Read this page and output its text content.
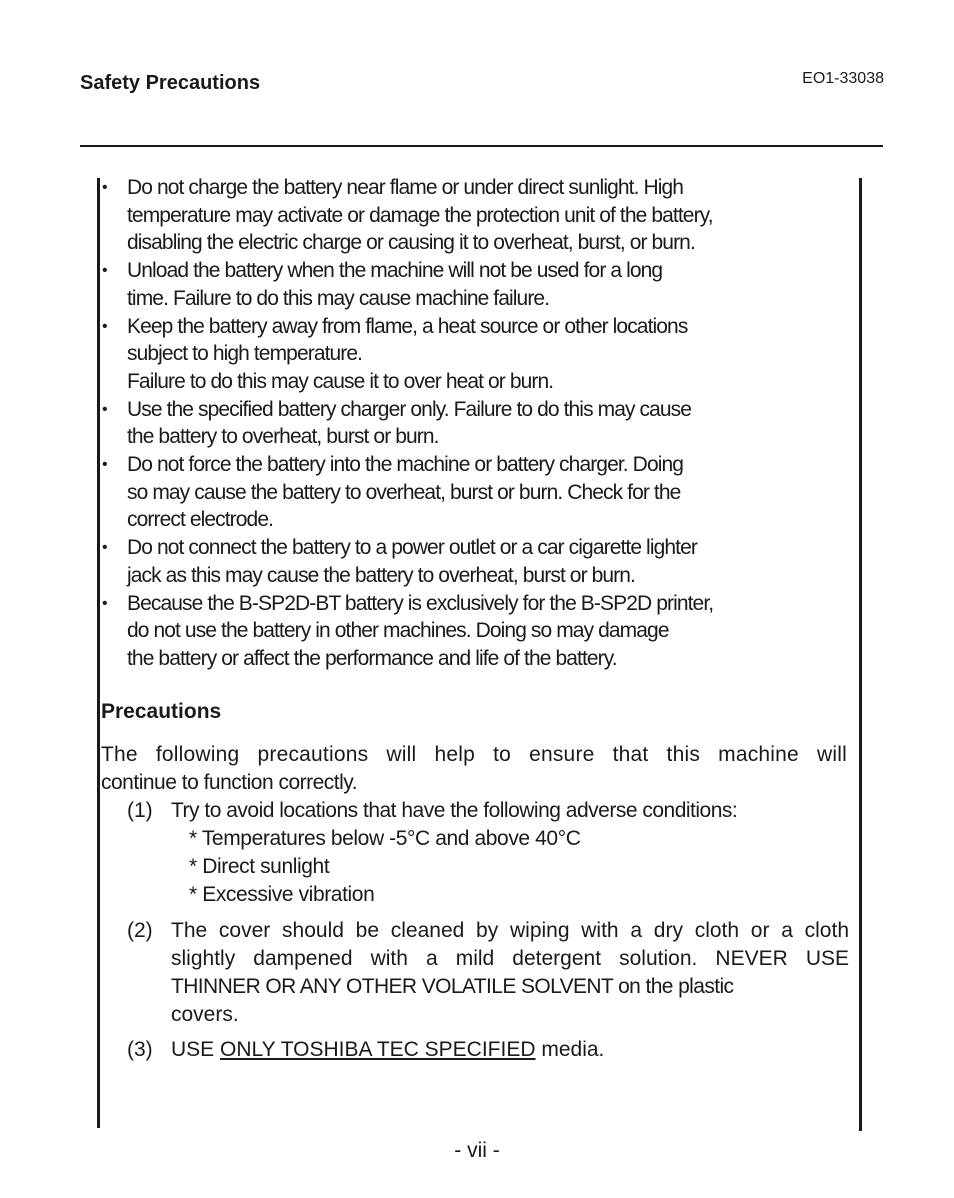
Safety Precautions	EO1-33038
• Do not charge the battery near flame or under direct sunlight. High
temperature may activate or damage the protection unit of the battery,
disabling the electric charge or causing it to overheat, burst, or burn.
• Unload the battery when the machine will not be used for a long
time. Failure to do this may cause machine failure.
• Keep the battery away from flame, a heat source or other locations
subject to high temperature.
Failure to do this may cause it to over heat or burn.
• Use the specified battery charger only. Failure to do this may cause
the battery to overheat, burst or burn.
• Do not force the battery into the machine or battery charger. Doing
so may cause the battery to overheat, burst or burn. Check for the
correct electrode.
• Do not connect the battery to a power outlet or a car cigarette lighter
jack as this may cause the battery to overheat, burst or burn.
• Because the B-SP2D-BT battery is exclusively for the B-SP2D printer,
do not use the battery in other machines. Doing so may damage
the battery or affect the performance and life of the battery.
Precautions
The following precautions will help to ensure that this machine will
continue to function correctly.
(1) Try to avoid locations that have the following adverse conditions:
* Temperatures below -5°C and above 40°C
* Direct sunlight
* Excessive vibration
(2) The cover should be cleaned by wiping with a dry cloth or a cloth
slightly dampened with a mild detergent solution. NEVER USE
THINNER OR ANY OTHER VOLATILE SOLVENT on the plastic
covers.
(3) USE ONLY TOSHIBA TEC SPECIFIED media.
- vii -
